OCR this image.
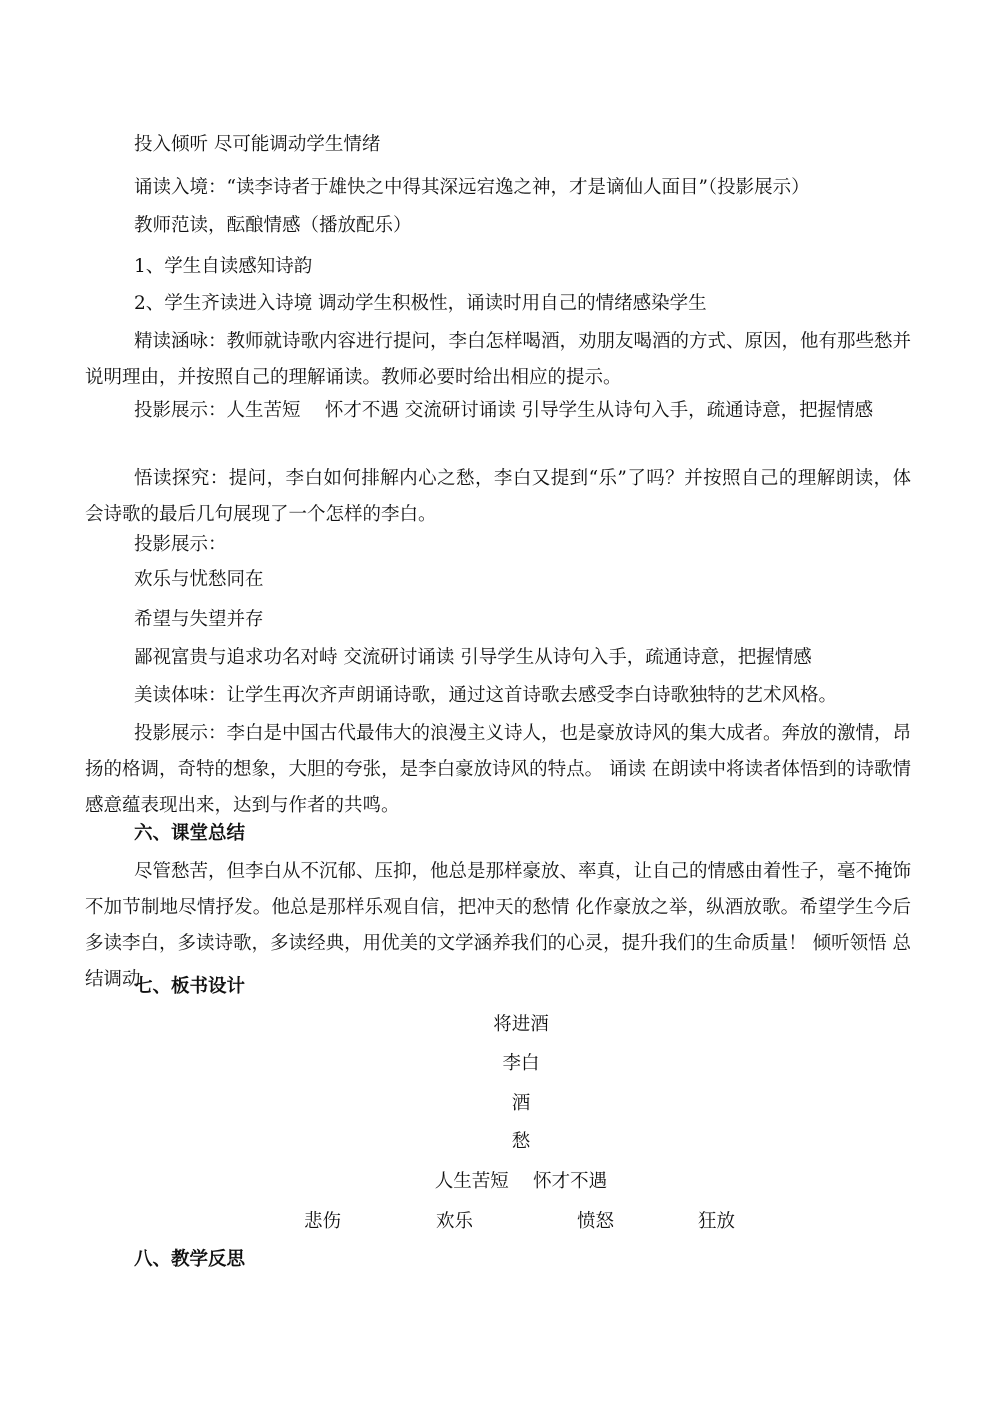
投入倾听 尽可能调动学生情绪
诵读入境：“读李诗者于雄快之中得其深远宕逸之神，才是谪仙人面目”（投影展示）
教师范读，酝酿情感（播放配乐）
1、学生自读感知诗韵
2、学生齐读进入诗境 调动学生积极性，诵读时用自己的情绪感染学生
精读涵咏：教师就诗歌内容进行提问，李白怎样喝酒，劝朋友喝酒的方式、原因，他有那些愁并说明理由，并按照自己的理解诵读。教师必要时给出相应的提示。
投影展示：人生苦短　 怀才不遇 交流研讨诵读 引导学生从诗句入手，疏通诗意，把握情感
悟读探究：提问，李白如何排解内心之愁，李白又提到“乐”了吗？并按照自己的理解朗读，体会诗歌的最后几句展现了一个怎样的李白。
投影展示：
欢乐与忧愁同在
希望与失望并存
鄙视富贵与追求功名对峙 交流研讨诵读 引导学生从诗句入手，疏通诗意，把握情感
美读体味：让学生再次齐声朗诵诗歌，通过这首诗歌去感受李白诗歌独特的艺术风格。
投影展示：李白是中国古代最伟大的浪漫主义诗人，也是豪放诗风的集大成者。奔放的激情，昂扬的格调，奇特的想象，大胆的夸张，是李白豪放诗风的特点。 诵读 在朗读中将读者体悟到的诗歌情感意蕴表现出来，达到与作者的共鸣。
六、课堂总结
尽管愁苦，但李白从不沉郁、压抑，他总是那样豪放、率真，让自己的情感由着性子，毫不掩饰不加节制地尽情抒发。他总是那样乐观自信，把冲天的愁情 化作豪放之举，纵酒放歌。希望学生今后多读李白，多读诗歌，多读经典，用优美的文学涵养我们的心灵，提升我们的生命质量！ 倾听领悟 总结调动
七、板书设计
将进酒
李白
酒
愁
人生苦短　 怀才不遇
悲伤	欢乐	愤怒	狂放
八、教学反思
